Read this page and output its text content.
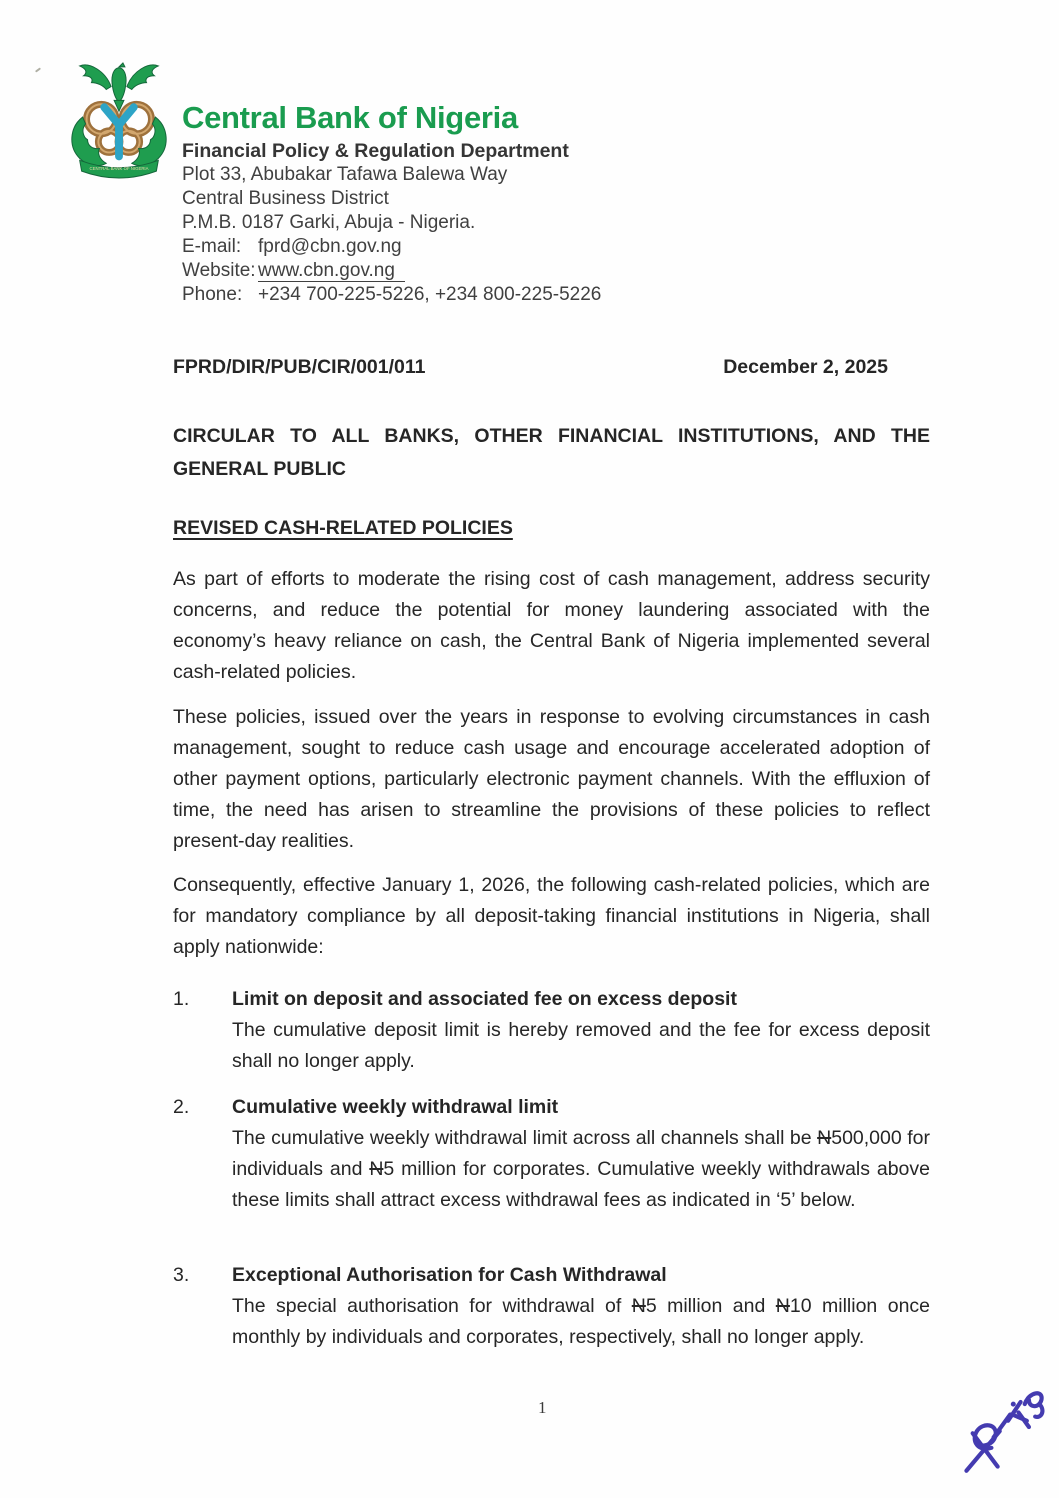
CENTRAL BANK OF NIGERIA
Central Bank of Nigeria
Financial Policy & Regulation Department
Plot 33, Abubakar Tafawa Balewa Way
Central Business District
P.M.B. 0187 Garki, Abuja - Nigeria.
E-mail: fprd@cbn.gov.ng
Website: www.cbn.gov.ng
Phone: +234 700-225-5226, +234 800-225-5226
FPRD/DIR/PUB/CIR/001/011	December 2, 2025
CIRCULAR TO ALL BANKS, OTHER FINANCIAL INSTITUTIONS, AND THE
GENERAL PUBLIC
REVISED CASH-RELATED POLICIES
As part of efforts to moderate the rising cost of cash management, address security concerns, and reduce the potential for money laundering associated with the economy’s heavy reliance on cash, the Central Bank of Nigeria implemented several cash-related policies.
These policies, issued over the years in response to evolving circumstances in cash management, sought to reduce cash usage and encourage accelerated adoption of other payment options, particularly electronic payment channels. With the effluxion of time, the need has arisen to streamline the provisions of these policies to reflect present-day realities.
Consequently, effective January 1, 2026, the following cash-related policies, which are for mandatory compliance by all deposit-taking financial institutions in Nigeria, shall apply nationwide:
1.	Limit on deposit and associated fee on excess deposit
The cumulative deposit limit is hereby removed and the fee for excess deposit shall no longer apply.
2.	Cumulative weekly withdrawal limit
The cumulative weekly withdrawal limit across all channels shall be N500,000 for individuals and N5 million for corporates. Cumulative weekly withdrawals above these limits shall attract excess withdrawal fees as indicated in ‘5’ below.
3.	Exceptional Authorisation for Cash Withdrawal
The special authorisation for withdrawal of N5 million and N10 million once monthly by individuals and corporates, respectively, shall no longer apply.
1
